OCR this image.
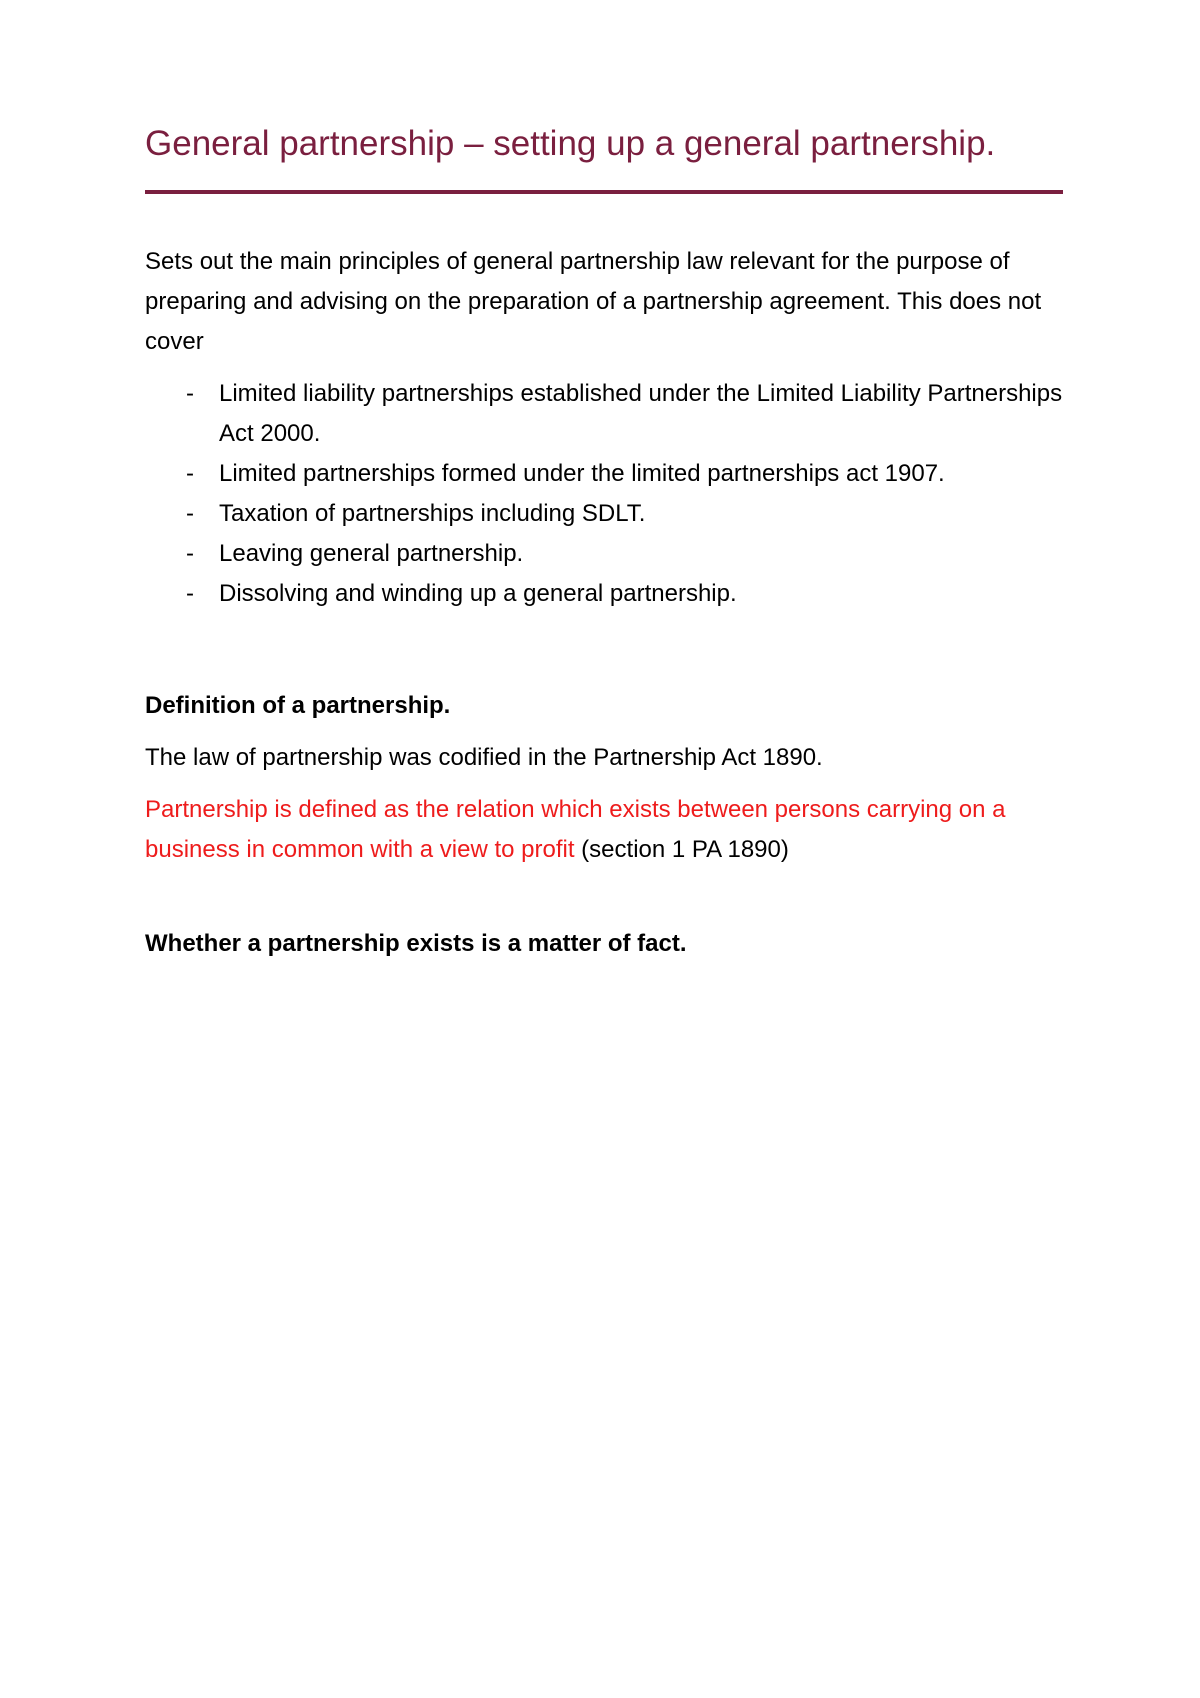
General partnership – setting up a general partnership.

Sets out the main principles of general partnership law relevant for the purpose of preparing and advising on the preparation of a partnership agreement. This does not cover

- Limited liability partnerships established under the Limited Liability Partnerships Act 2000.
- Limited partnerships formed under the limited partnerships act 1907.
- Taxation of partnerships including SDLT.
- Leaving general partnership.
- Dissolving and winding up a general partnership.
Definition of a partnership.

The law of partnership was codified in the Partnership Act 1890.

Partnership is defined as the relation which exists between persons carrying on a business in common with a view to profit (section 1 PA 1890)

Whether a partnership exists is a matter of fact.
